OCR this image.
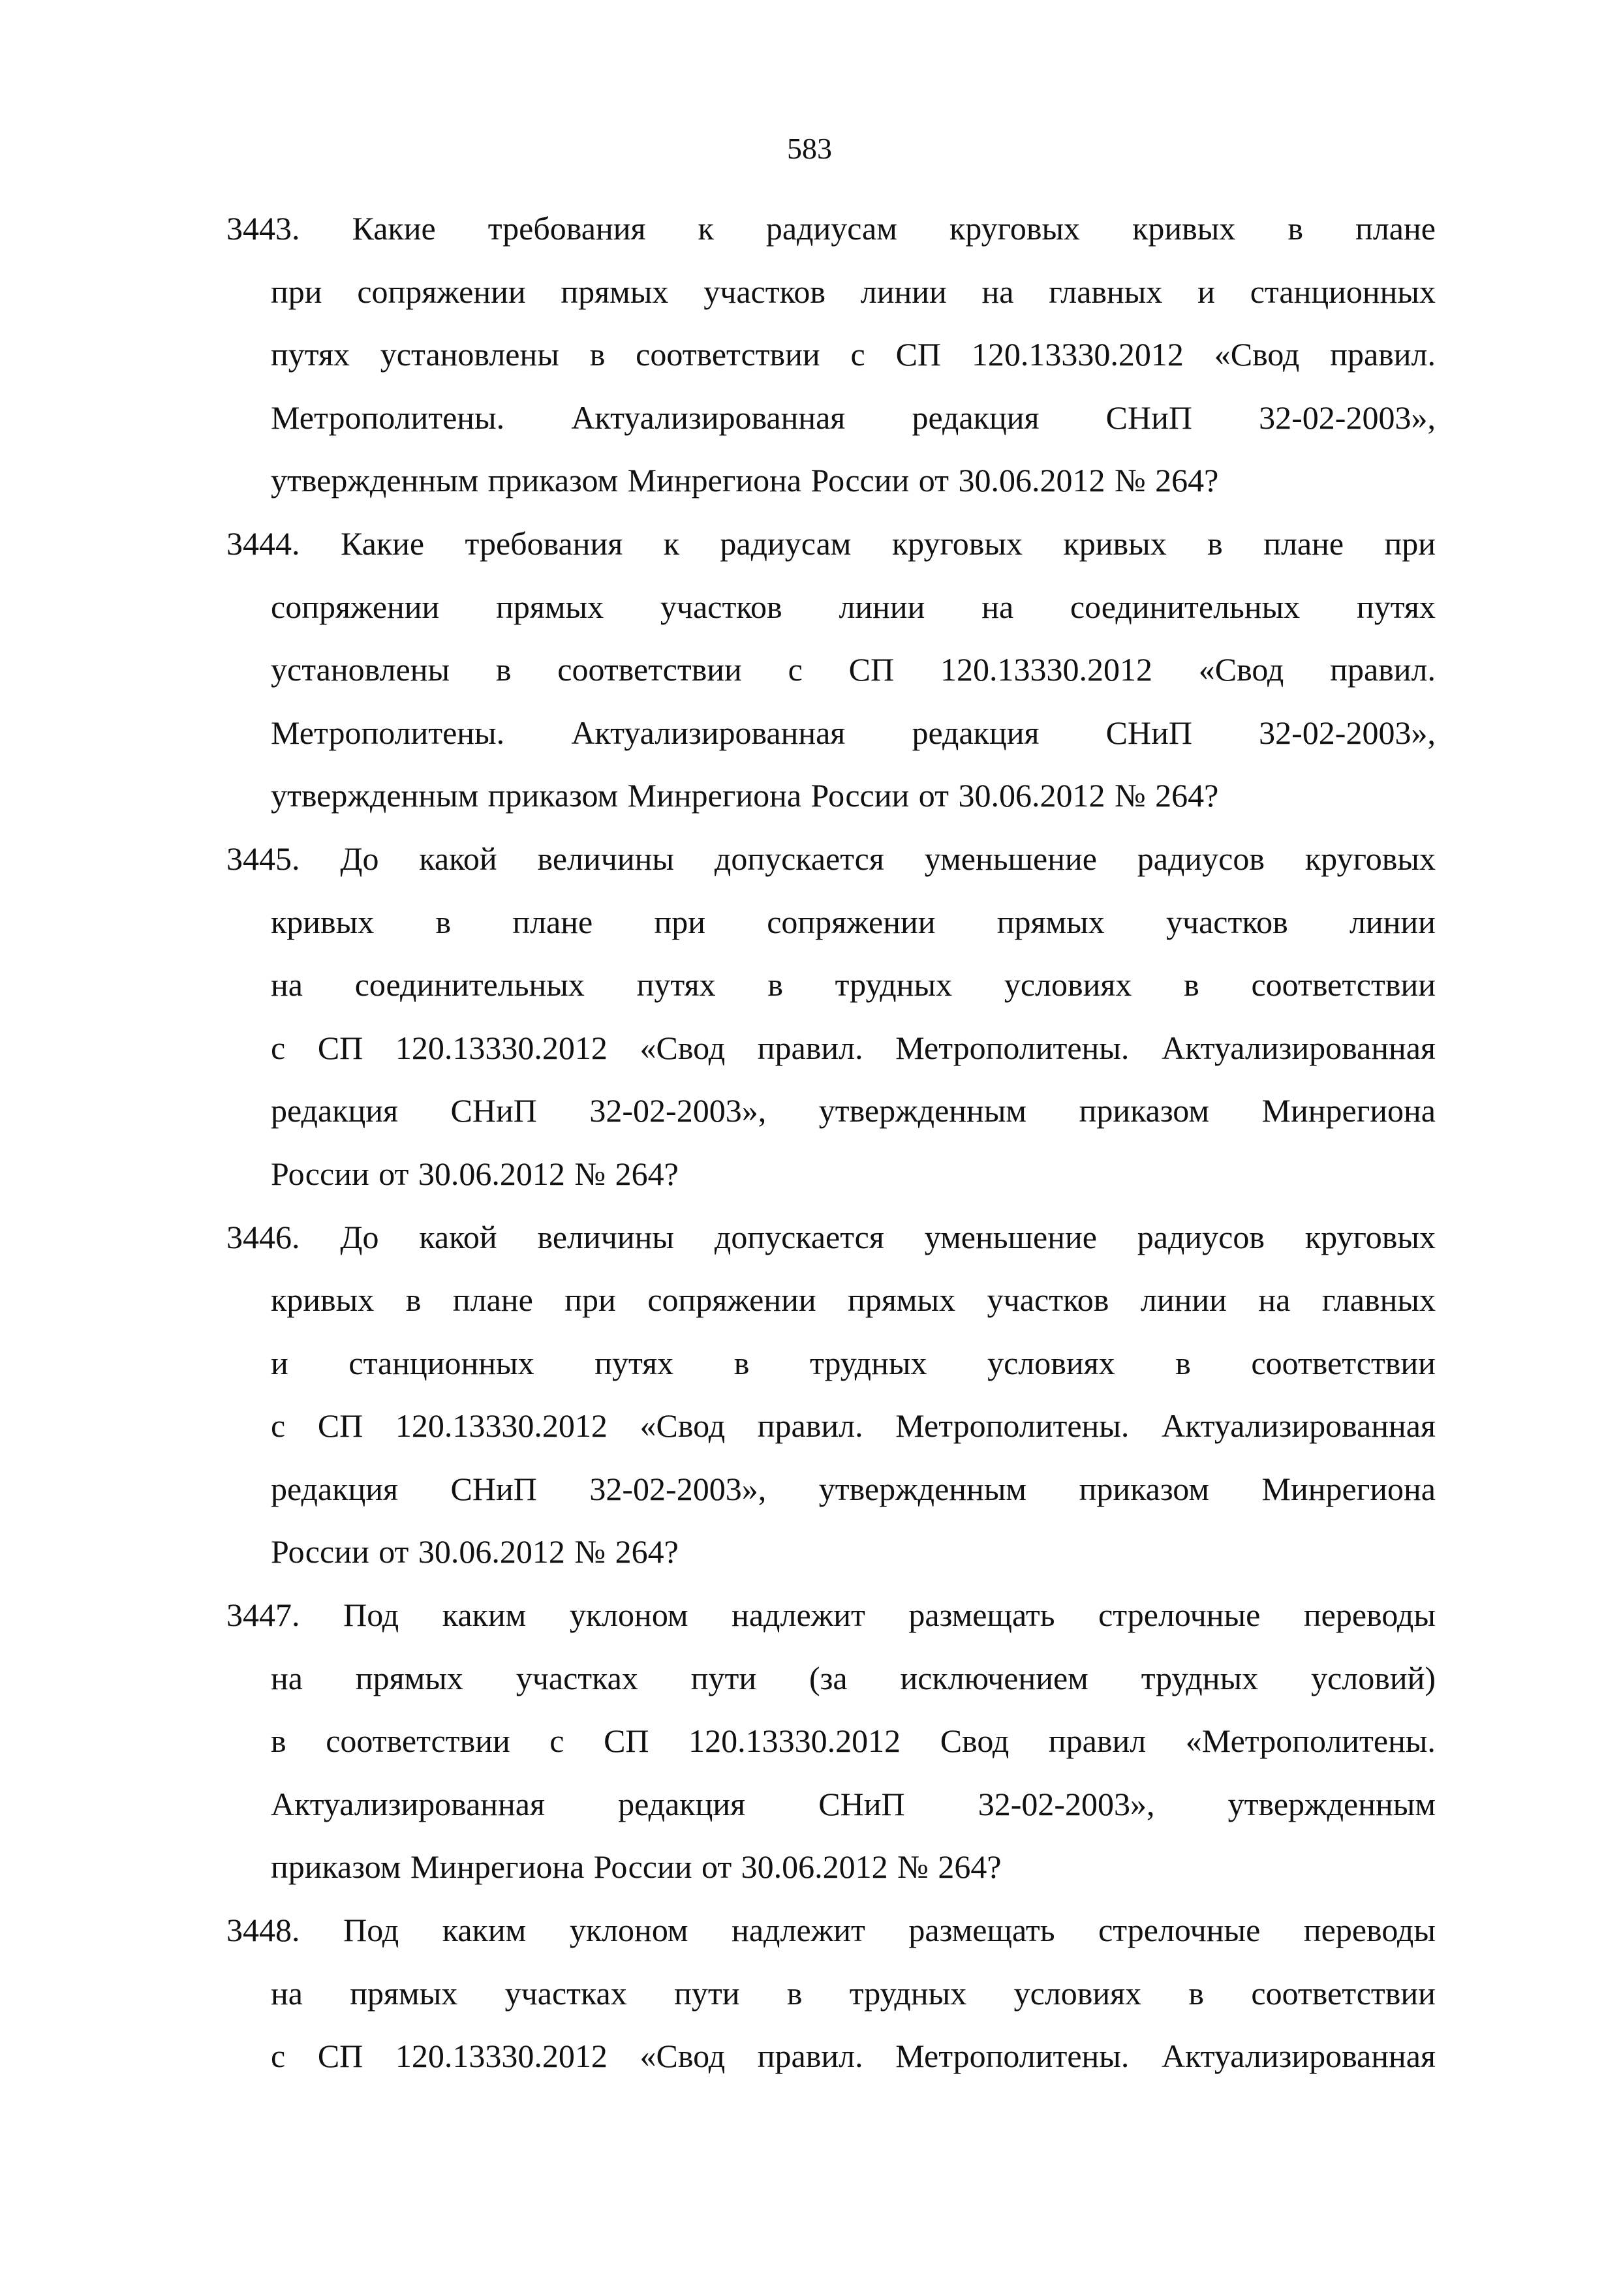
583
3443. Какие требования к радиусам круговых кривых в плане
при сопряжении прямых участков линии на главных и станционных
путях установлены в соответствии с СП 120.13330.2012 «Свод правил.
Метрополитены. Актуализированная редакция СНиП 32-02-2003»,
утвержденным приказом Минрегиона России от 30.06.2012 № 264?
3444. Какие требования к радиусам круговых кривых в плане при
сопряжении прямых участков линии на соединительных путях
установлены в соответствии с СП 120.13330.2012 «Свод правил.
Метрополитены. Актуализированная редакция СНиП 32-02-2003»,
утвержденным приказом Минрегиона России от 30.06.2012 № 264?
3445. До какой величины допускается уменьшение радиусов круговых
кривых в плане при сопряжении прямых участков линии
на соединительных путях в трудных условиях в соответствии
с СП 120.13330.2012 «Свод правил. Метрополитены. Актуализированная
редакция СНиП 32-02-2003», утвержденным приказом Минрегиона
России от 30.06.2012 № 264?
3446. До какой величины допускается уменьшение радиусов круговых
кривых в плане при сопряжении прямых участков линии на главных
и станционных путях в трудных условиях в соответствии
с СП 120.13330.2012 «Свод правил. Метрополитены. Актуализированная
редакция СНиП 32-02-2003», утвержденным приказом Минрегиона
России от 30.06.2012 № 264?
3447. Под каким уклоном надлежит размещать стрелочные переводы
на прямых участках пути (за исключением трудных условий)
в соответствии с СП 120.13330.2012 Свод правил «Метрополитены.
Актуализированная редакция СНиП 32-02-2003», утвержденным
приказом Минрегиона России от 30.06.2012 № 264?
3448. Под каким уклоном надлежит размещать стрелочные переводы
на прямых участках пути в трудных условиях в соответствии
с СП 120.13330.2012 «Свод правил. Метрополитены. Актуализированная
